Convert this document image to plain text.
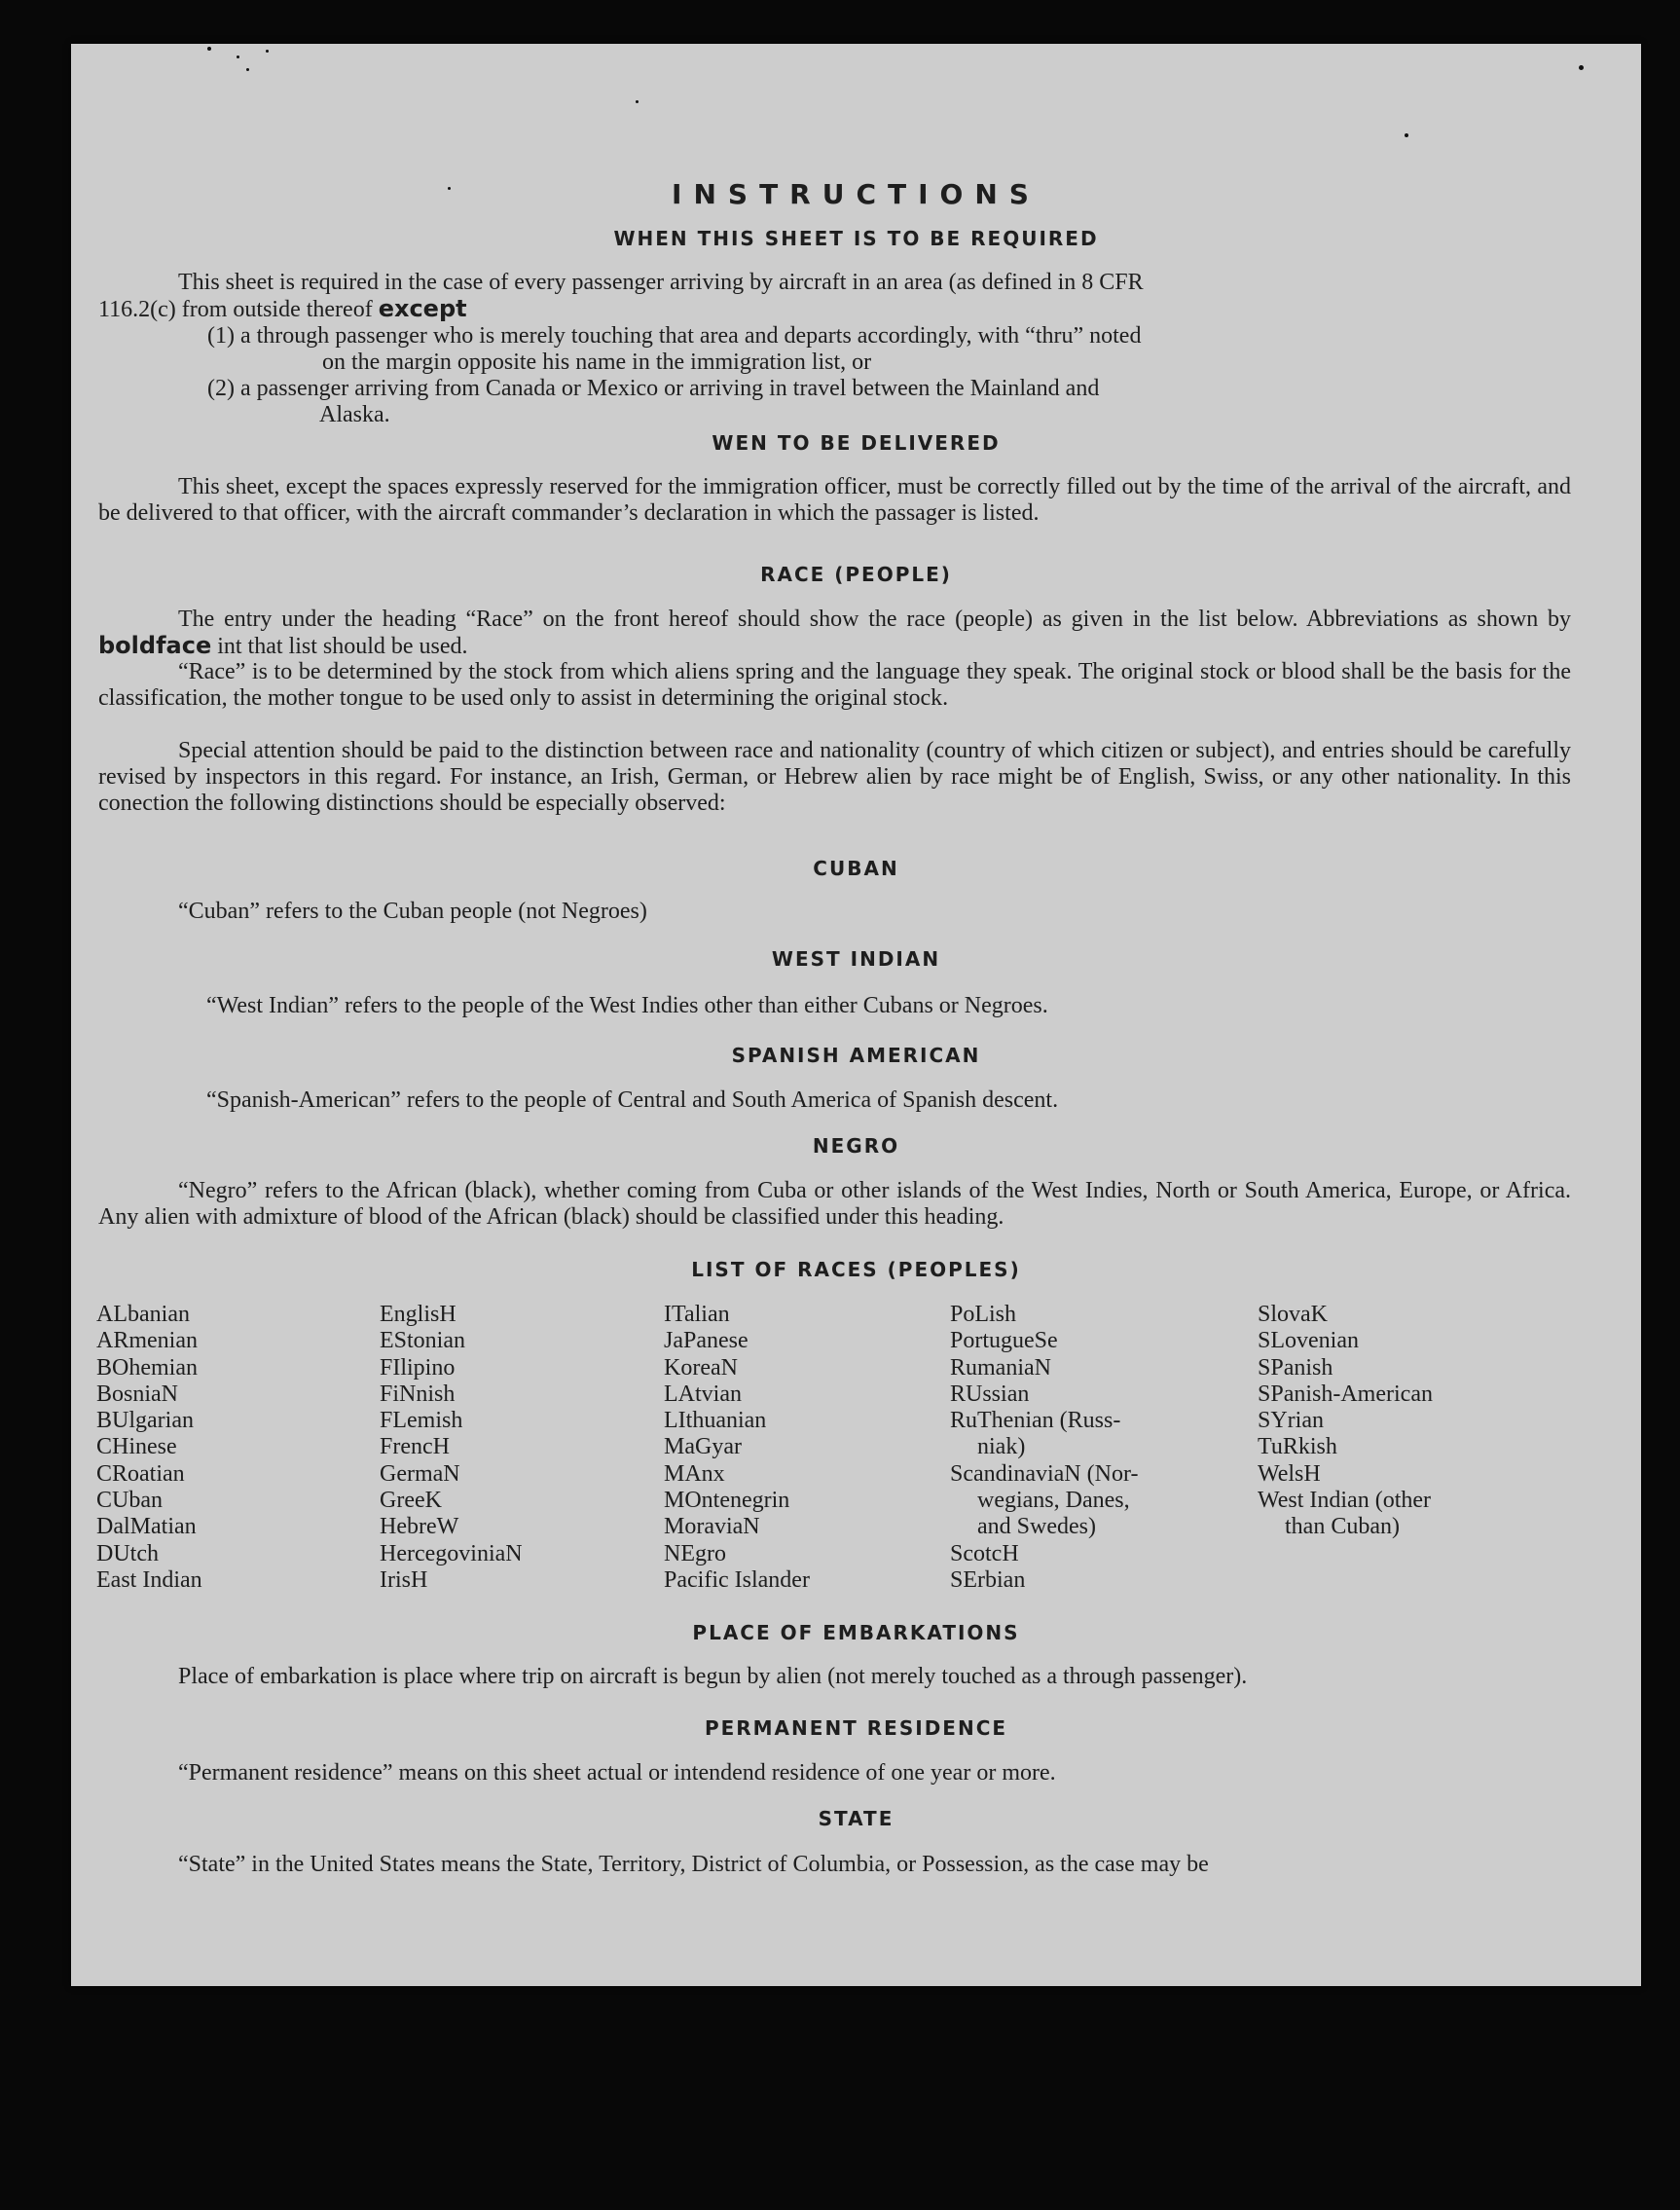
INSTRUCTIONS
WHEN THIS SHEET IS TO BE REQUIRED
This sheet is required in the case of every passenger arriving by aircraft in an area (as defined in 8 CFR
116.2(c) from outside thereof except
(1) a through passenger who is merely touching that area and departs accordingly, with “thru” noted
on the margin opposite his name in the immigration list, or
(2) a passenger arriving from Canada or Mexico or arriving in travel between the Mainland and
Alaska.
WEN TO BE DELIVERED
This sheet, except the spaces expressly reserved for the immigration officer, must be correctly filled out by the time of the arrival of the aircraft, and be delivered to that officer, with the aircraft commander’s declaration in which the passager is listed.
RACE (PEOPLE)
The entry under the heading “Race” on the front hereof should show the race (people) as given in the list below. Abbreviations as shown by boldface int that list should be used.
“Race” is to be determined by the stock from which aliens spring and the language they speak. The original stock or blood shall be the basis for the classification, the mother tongue to be used only to assist in determining the original stock.
Special attention should be paid to the distinction between race and nationality (country of which citizen or subject), and entries should be carefully revised by inspectors in this regard. For instance, an Irish, German, or Hebrew alien by race might be of English, Swiss, or any other nationality. In this conection the following distinctions should be especially observed:
CUBAN
“Cuban” refers to the Cuban people (not Negroes)
WEST INDIAN
“West Indian” refers to the people of the West Indies other than either Cubans or Negroes.
SPANISH AMERICAN
“Spanish-American” refers to the people of Central and South America of Spanish descent.
NEGRO
“Negro” refers to the African (black), whether coming from Cuba or other islands of the West Indies, North or South America, Europe, or Africa. Any alien with admixture of blood of the African (black) should be classified under this heading.
LIST OF RACES (PEOPLES)
ALbanian
ARmenian
BOhemian
BosniaN
BUlgarian
CHinese
CRoatian
CUban
DalMatian
DUtch
East Indian
EnglisH
EStonian
FIlipino
FiNnish
FLemish
FrencH
GermaN
GreeK
HebreW
HercegoviniaN
IrisH
ITalian
JaPanese
KoreaN
LAtvian
LIthuanian
MaGyar
MAnx
MOntenegrin
MoraviaN
NEgro
Pacific Islander
PoLish
PortugueSe
RumaniaN
RUssian
RuThenian (Russ-
niak)
ScandinaviaN (Nor-
wegians, Danes,
and Swedes)
ScotcH
SErbian
SlovaK
SLovenian
SPanish
SPanish-American
SYrian
TuRkish
WelsH
West Indian (other
than Cuban)
PLACE OF EMBARKATIONS
Place of embarkation is place where trip on aircraft is begun by alien (not merely touched as a through passenger).
PERMANENT RESIDENCE
“Permanent residence” means on this sheet actual or intendend residence of one year or more.
STATE
“State” in the United States means the State, Territory, District of Columbia, or Possession, as the case may be
